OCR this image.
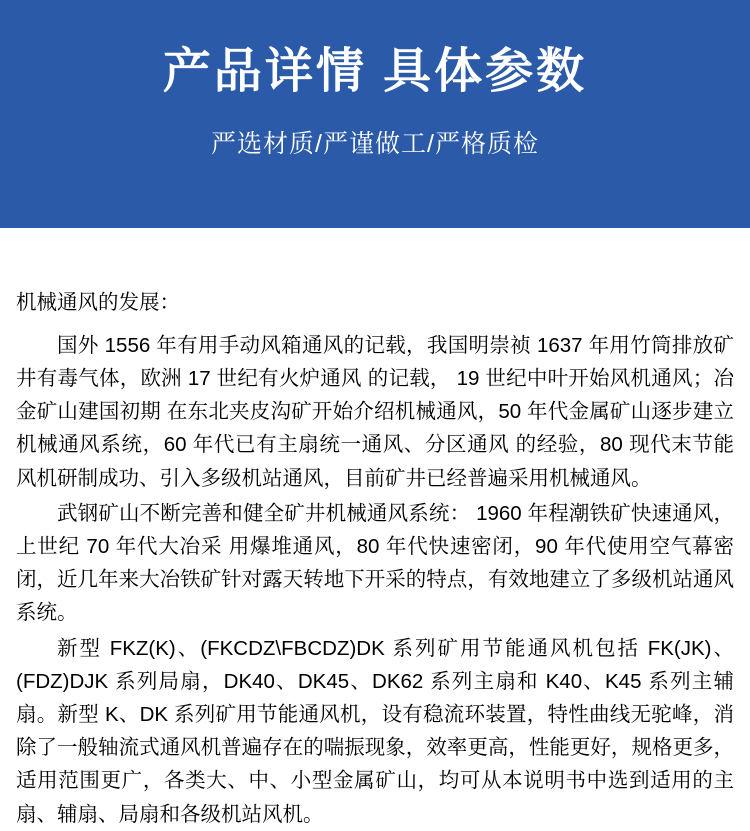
产品详情 具体参数
严选材质/严谨做工/严格质检

机械通风的发展：

国外 1556 年有用手动风箱通风的记载，我国明崇祯 1637 年用竹筒排放矿井有毒气体，欧洲 17 世纪有火炉通风 的记载， 19 世纪中叶开始风机通风；冶金矿山建国初期 在东北夹皮沟矿开始介绍机械通风，50 年代金属矿山逐步建立机械通风系统，60 年代已有主扇统一通风、分区通风 的经验，80 现代末节能风机研制成功、引入多级机站通风，目前矿井已经普遍采用机械通风。

武钢矿山不断完善和健全矿井机械通风系统： 1960 年程潮铁矿快速通风，上世纪 70 年代大冶采 用爆堆通风，80 年代快速密闭，90 年代使用空气幕密闭，近几年来大冶铁矿针对露天转地下开采的特点，有效地建立了多级机站通风系统。

新型 FKZ(K)、(FKCDZ\FBCDZ)DK 系列矿用节能通风机包括 FK(JK)、(FDZ)DJK 系列局扇，DK40、DK45、DK62 系列主扇和 K40、K45 系列主辅扇。新型 K、DK 系列矿用节能通风机，设有稳流环装置，特性曲线无驼峰，消除了一般轴流式通风机普遍存在的喘振现象，效率更高，性能更好，规格更多，适用范围更广，各类大、中、小型金属矿山，均可从本说明书中选到适用的主扇、辅扇、局扇和各级机站风机。
